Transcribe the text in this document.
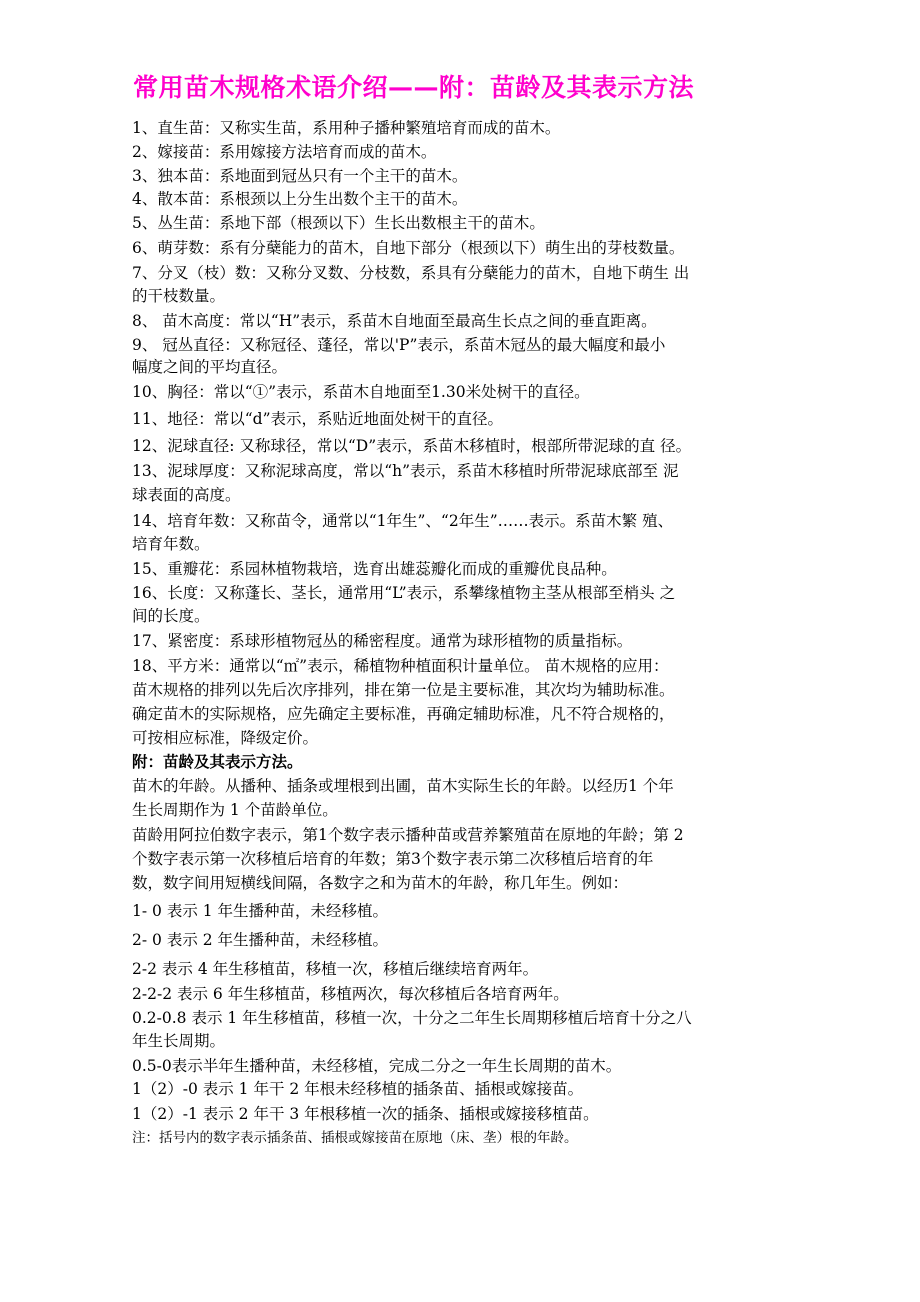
常用苗木规格术语介绍——附：苗龄及其表示方法
1、直生苗：又称实生苗，系用种子播种繁殖培育而成的苗木。
2、嫁接苗：系用嫁接方法培育而成的苗木。
3、独本苗：系地面到冠丛只有一个主干的苗木。
4、散本苗：系根颈以上分生出数个主干的苗木。
5、丛生苗：系地下部（根颈以下）生长出数根主干的苗木。
6、萌芽数：系有分蘖能力的苗木，自地下部分（根颈以下）萌生出的芽枝数量。
7、分叉（枝）数：又称分叉数、分枝数，系具有分蘖能力的苗木，自地下萌生 出
的干枝数量。
8、 苗木高度：常以“H”表示，系苗木自地面至最高生长点之间的垂直距离。
9、 冠丛直径：又称冠径、蓬径，常以'P”表示，系苗木冠丛的最大幅度和最小
幅度之间的平均直径。
10、胸径：常以“①”表示，系苗木自地面至1.30米处树干的直径。
11、地径：常以“d”表示，系贴近地面处树干的直径。
12、泥球直径: 又称球径，常以“D”表示，系苗木移植时，根部所带泥球的直 径。
13、泥球厚度：又称泥球高度，常以“h”表示，系苗木移植时所带泥球底部至 泥
球表面的高度。
14、培育年数：又称苗令，通常以“1年生”、“2年生”……表示。系苗木繁 殖、
培育年数。
15、重瓣花：系园林植物栽培，选育出雄蕊瓣化而成的重瓣优良品种。
16、长度：又称蓬长、茎长，通常用“L”表示，系攀缘植物主茎从根部至梢头 之
间的长度。
17、紧密度：系球形植物冠丛的稀密程度。通常为球形植物的质量指标。
18、平方米：通常以“㎡”表示，稀植物种植面积计量单位。 苗木规格的应用：
苗木规格的排列以先后次序排列，排在第一位是主要标准，其次均为辅助标准。
确定苗木的实际规格，应先确定主要标准，再确定辅助标准，凡不符合规格的，
可按相应标准，降级定价。
附：苗龄及其表示方法。
苗木的年龄。从播种、插条或埋根到出圃，苗木实际生长的年龄。以经历1 个年
生长周期作为 1 个苗龄单位。
苗龄用阿拉伯数字表示，第1个数字表示播种苗或营养繁殖苗在原地的年龄；第 2
个数字表示第一次移植后培育的年数；第3个数字表示第二次移植后培育的年
数，数字间用短横线间隔，各数字之和为苗木的年龄，称几年生。例如：
1- 0 表示 1 年生播种苗，未经移植。
2- 0 表示 2 年生播种苗，未经移植。
2-2 表示 4 年生移植苗，移植一次，移植后继续培育两年。
2-2-2 表示 6 年生移植苗，移植两次，每次移植后各培育两年。
0.2-0.8 表示 1 年生移植苗，移植一次，十分之二年生长周期移植后培育十分之八
年生长周期。
0.5-0表示半年生播种苗，未经移植，完成二分之一年生长周期的苗木。
1（2）-0 表示 1 年干 2 年根未经移植的插条苗、插根或嫁接苗。
1（2）-1 表示 2 年干 3 年根移植一次的插条、插根或嫁接移植苗。
注：括号内的数字表示插条苗、插根或嫁接苗在原地（床、垄）根的年龄。
